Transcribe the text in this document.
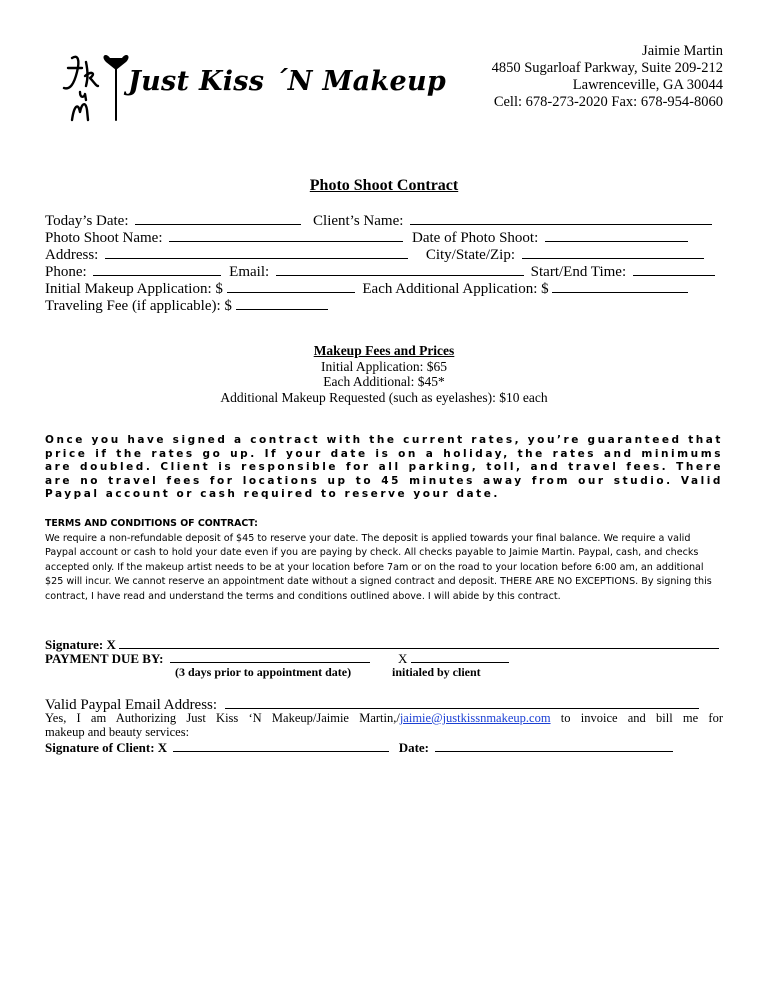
Just Kiss ´N Makeup
Jaimie Martin
4850 Sugarloaf Parkway, Suite 209-212
Lawrenceville, GA 30044
Cell: 678-273-2020 Fax: 678-954-8060
Photo Shoot Contract
Today’s Date:	Client’s Name:
Photo Shoot Name:	Date of Photo Shoot:
Address:	City/State/Zip:
Phone:	Email:	Start/End Time:
Initial Makeup Application: $	Each Additional Application: $
Traveling Fee (if applicable): $
Makeup Fees and Prices
Initial Application: $65
Each Additional: $45*
Additional Makeup Requested (such as eyelashes): $10 each
Once you have signed a contract with the current rates, you’re guaranteed that price if the rates go up. If your date is on a holiday, the rates and minimums are doubled. Client is responsible for all parking, toll, and travel fees. There are no travel fees for locations up to 45 minutes away from our studio. Valid Paypal account or cash required to reserve your date.
TERMS AND CONDITIONS OF CONTRACT:
We require a non-refundable deposit of $45 to reserve your date. The deposit is applied towards your final balance. We require a valid Paypal account or cash to hold your date even if you are paying by check. All checks payable to Jaimie Martin. Paypal, cash, and checks accepted only. If the makeup artist needs to be at your location before 7am or on the road to your location before 6:00 am, an additional $25 will incur. We cannot reserve an appointment date without a signed contract and deposit. THERE ARE NO EXCEPTIONS. By signing this contract, I have read and understand the terms and conditions outlined above. I will abide by this contract.
Signature: X
PAYMENT DUE BY:	X
(3 days prior to appointment date)	initialed by client
Valid Paypal Email Address:
Yes, I am Authorizing Just Kiss ‘N Makeup/Jaimie Martin,/jaimie@justkissnmakeup.com to invoice and bill me for
makeup and beauty services:
Signature of Client: X	Date:
